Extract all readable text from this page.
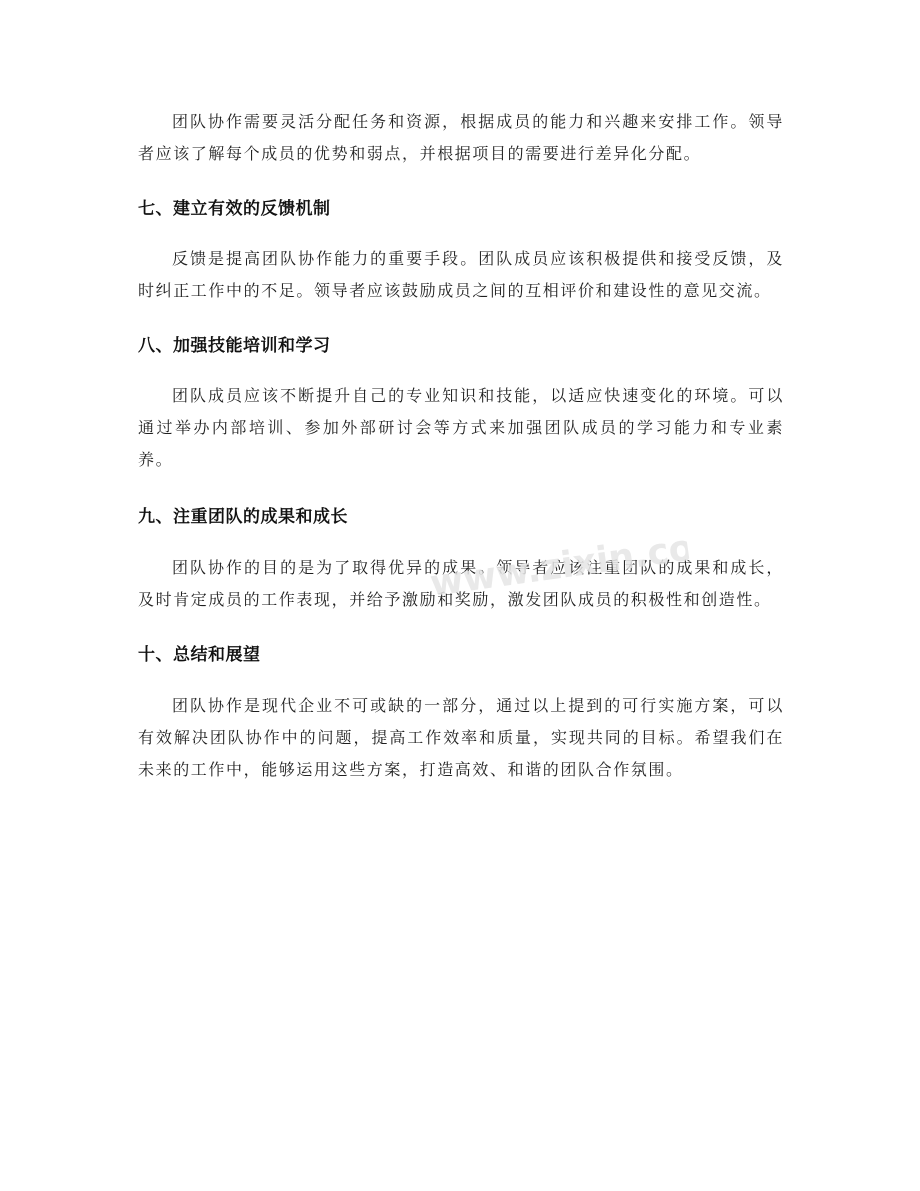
团队协作需要灵活分配任务和资源，根据成员的能力和兴趣来安排工作。领导者应该了解每个成员的优势和弱点，并根据项目的需要进行差异化分配。

七、建立有效的反馈机制

反馈是提高团队协作能力的重要手段。团队成员应该积极提供和接受反馈，及时纠正工作中的不足。领导者应该鼓励成员之间的互相评价和建设性的意见交流。

八、加强技能培训和学习

团队成员应该不断提升自己的专业知识和技能，以适应快速变化的环境。可以通过举办内部培训、参加外部研讨会等方式来加强团队成员的学习能力和专业素养。

九、注重团队的成果和成长

团队协作的目的是为了取得优异的成果。领导者应该注重团队的成果和成长，及时肯定成员的工作表现，并给予激励和奖励，激发团队成员的积极性和创造性。

十、总结和展望

团队协作是现代企业不可或缺的一部分，通过以上提到的可行实施方案，可以有效解决团队协作中的问题，提高工作效率和质量，实现共同的目标。希望我们在未来的工作中，能够运用这些方案，打造高效、和谐的团队合作氛围。

www.zixin.com.cn
